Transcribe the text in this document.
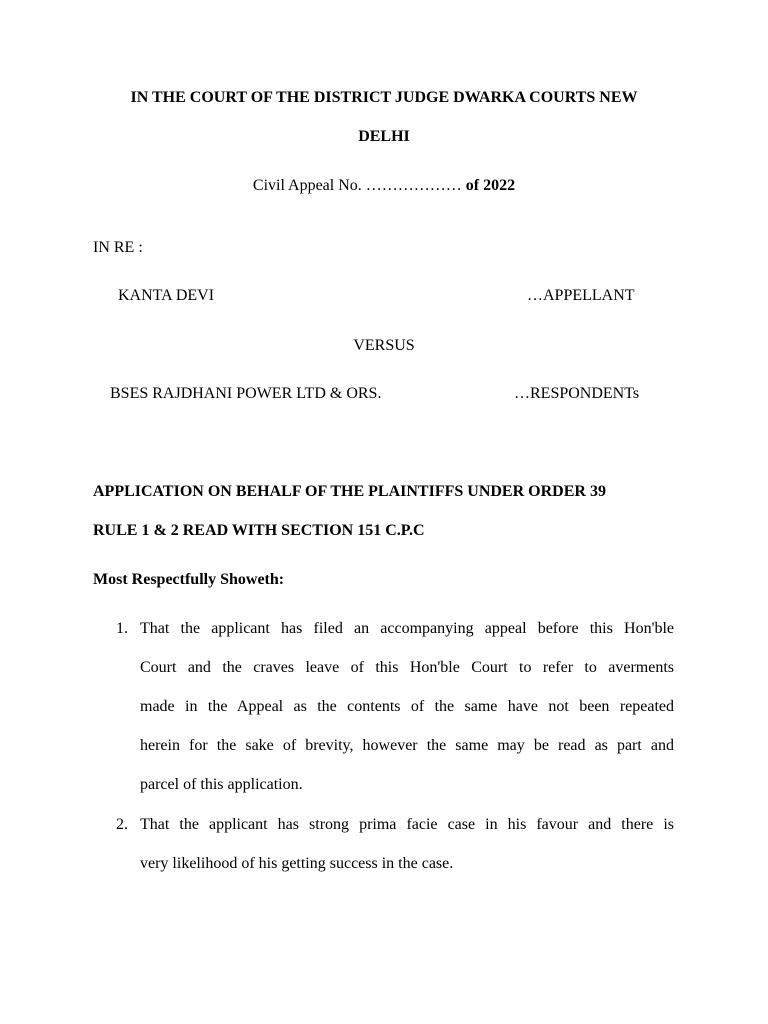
IN THE COURT OF THE DISTRICT JUDGE DWARKA COURTS NEW
DELHI
Civil Appeal No. ……………… of 2022
IN RE :
KANTA DEVI	…APPELLANT
VERSUS
BSES RAJDHANI POWER LTD & ORS.	…RESPONDENTs
APPLICATION ON BEHALF OF THE PLAINTIFFS UNDER ORDER 39
RULE 1 & 2 READ WITH SECTION 151 C.P.C
Most Respectfully Showeth:
1. That the applicant has filed an accompanying appeal before this Hon'ble
Court and the craves leave of this Hon'ble Court to refer to averments
made in the Appeal as the contents of the same have not been repeated
herein for the sake of brevity, however the same may be read as part and
parcel of this application.
2. That the applicant has strong prima facie case in his favour and there is
very likelihood of his getting success in the case.
